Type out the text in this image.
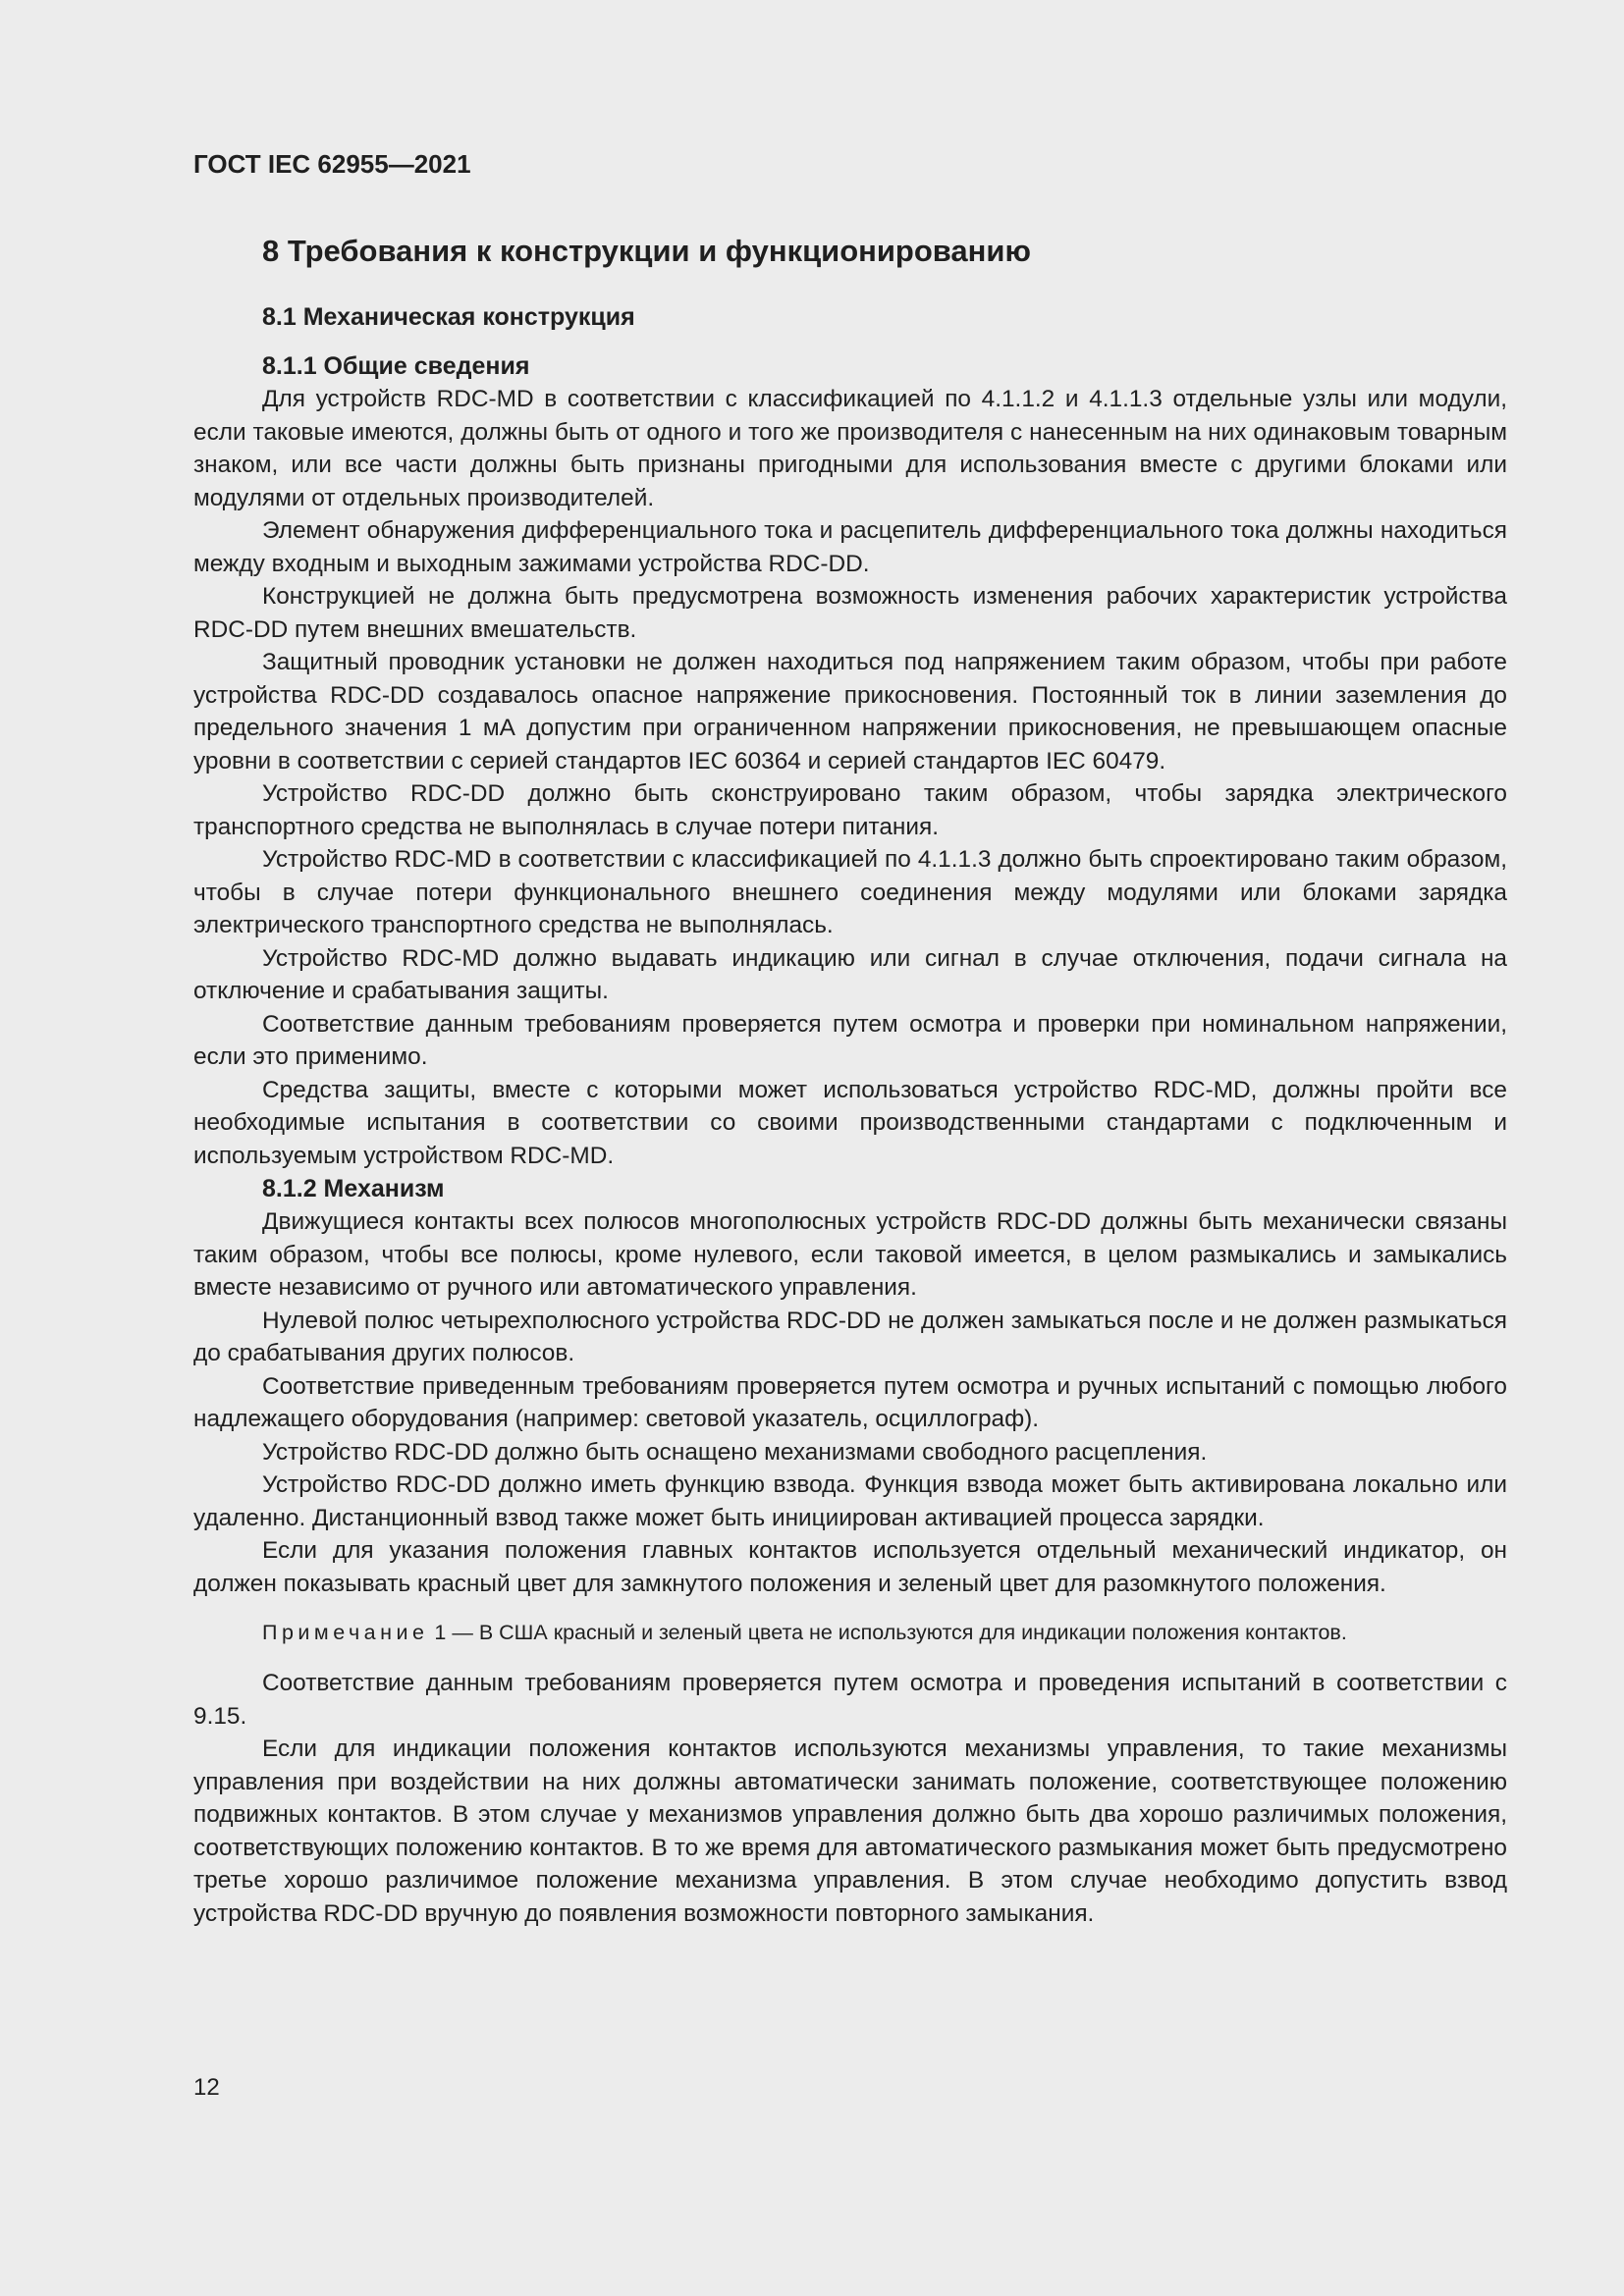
ГОСТ IEC 62955—2021

8 Требования к конструкции и функционированию
8.1 Механическая конструкция
8.1.1 Общие сведения

Для устройств RDC-MD в соответствии с классификацией по 4.1.1.2 и 4.1.1.3 отдельные узлы или модули, если таковые имеются, должны быть от одного и того же производителя с нанесенным на них одинаковым товарным знаком, или все части должны быть признаны пригодными для использования вместе с другими блоками или модулями от отдельных производителей.

Элемент обнаружения дифференциального тока и расцепитель дифференциального тока должны находиться между входным и выходным зажимами устройства RDC-DD.

Конструкцией не должна быть предусмотрена возможность изменения рабочих характеристик устройства RDC-DD путем внешних вмешательств.

Защитный проводник установки не должен находиться под напряжением таким образом, чтобы при работе устройства RDC-DD создавалось опасное напряжение прикосновения. Постоянный ток в линии заземления до предельного значения 1 мА допустим при ограниченном напряжении прикосновения, не превышающем опасные уровни в соответствии с серией стандартов IEC 60364 и серией стандартов IEC 60479.

Устройство RDC-DD должно быть сконструировано таким образом, чтобы зарядка электрического транспортного средства не выполнялась в случае потери питания.

Устройство RDC-MD в соответствии с классификацией по 4.1.1.3 должно быть спроектировано таким образом, чтобы в случае потери функционального внешнего соединения между модулями или блоками зарядка электрического транспортного средства не выполнялась.

Устройство RDC-MD должно выдавать индикацию или сигнал в случае отключения, подачи сигнала на отключение и срабатывания защиты.

Соответствие данным требованиям проверяется путем осмотра и проверки при номинальном напряжении, если это применимо.

Средства защиты, вместе с которыми может использоваться устройство RDC-MD, должны пройти все необходимые испытания в соответствии со своими производственными стандартами с подключенным и используемым устройством RDC-MD.

8.1.2 Механизм

Движущиеся контакты всех полюсов многополюсных устройств RDC-DD должны быть механически связаны таким образом, чтобы все полюсы, кроме нулевого, если таковой имеется, в целом размыкались и замыкались вместе независимо от ручного или автоматического управления.

Нулевой полюс четырехполюсного устройства RDC-DD не должен замыкаться после и не должен размыкаться до срабатывания других полюсов.

Соответствие приведенным требованиям проверяется путем осмотра и ручных испытаний с помощью любого надлежащего оборудования (например: световой указатель, осциллограф).

Устройство RDC-DD должно быть оснащено механизмами свободного расцепления.

Устройство RDC-DD должно иметь функцию взвода. Функция взвода может быть активирована локально или удаленно. Дистанционный взвод также может быть инициирован активацией процесса зарядки.

Если для указания положения главных контактов используется отдельный механический индикатор, он должен показывать красный цвет для замкнутого положения и зеленый цвет для разомкнутого положения.

Примечание 1 — В США красный и зеленый цвета не используются для индикации положения контактов.

Соответствие данным требованиям проверяется путем осмотра и проведения испытаний в соответствии с 9.15.

Если для индикации положения контактов используются механизмы управления, то такие механизмы управления при воздействии на них должны автоматически занимать положение, соответствующее положению подвижных контактов. В этом случае у механизмов управления должно быть два хорошо различимых положения, соответствующих положению контактов. В то же время для автоматического размыкания может быть предусмотрено третье хорошо различимое положение механизма управления. В этом случае необходимо допустить взвод устройства RDC-DD вручную до появления возможности повторного замыкания.

12
